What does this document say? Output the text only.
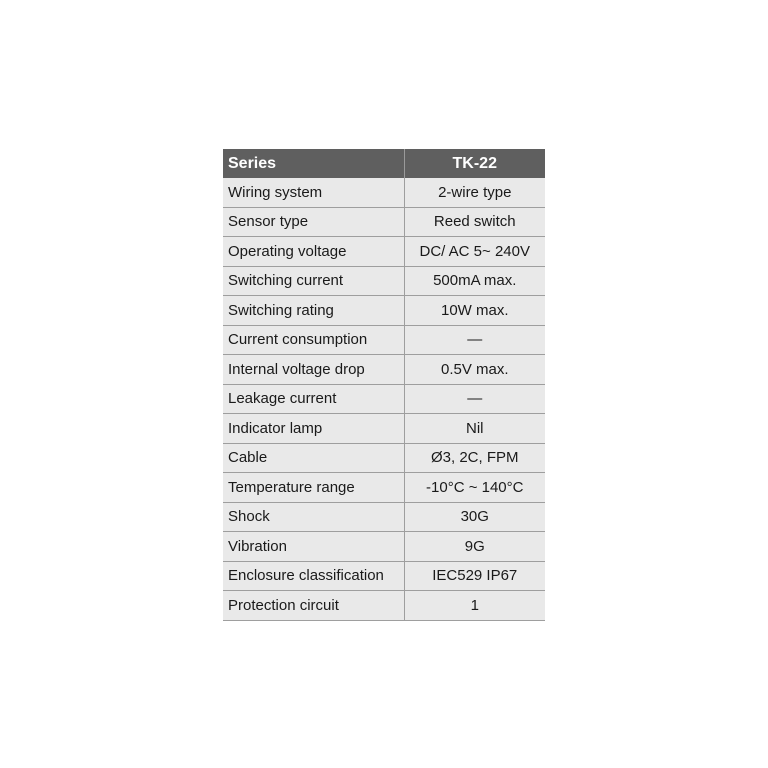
Series	TK-22
Wiring system	2-wire type
Sensor type	Reed switch
Operating voltage	DC/ AC 5~ 240V
Switching current	500mA max.
Switching rating	10W max.
Current consumption	—
Internal voltage drop	0.5V max.
Leakage current	—
Indicator lamp	Nil
Cable	Ø3, 2C, FPM
Temperature range	-10°C ~ 140°C
Shock	30G
Vibration	9G
Enclosure classification	IEC529 IP67
Protection circuit	1
